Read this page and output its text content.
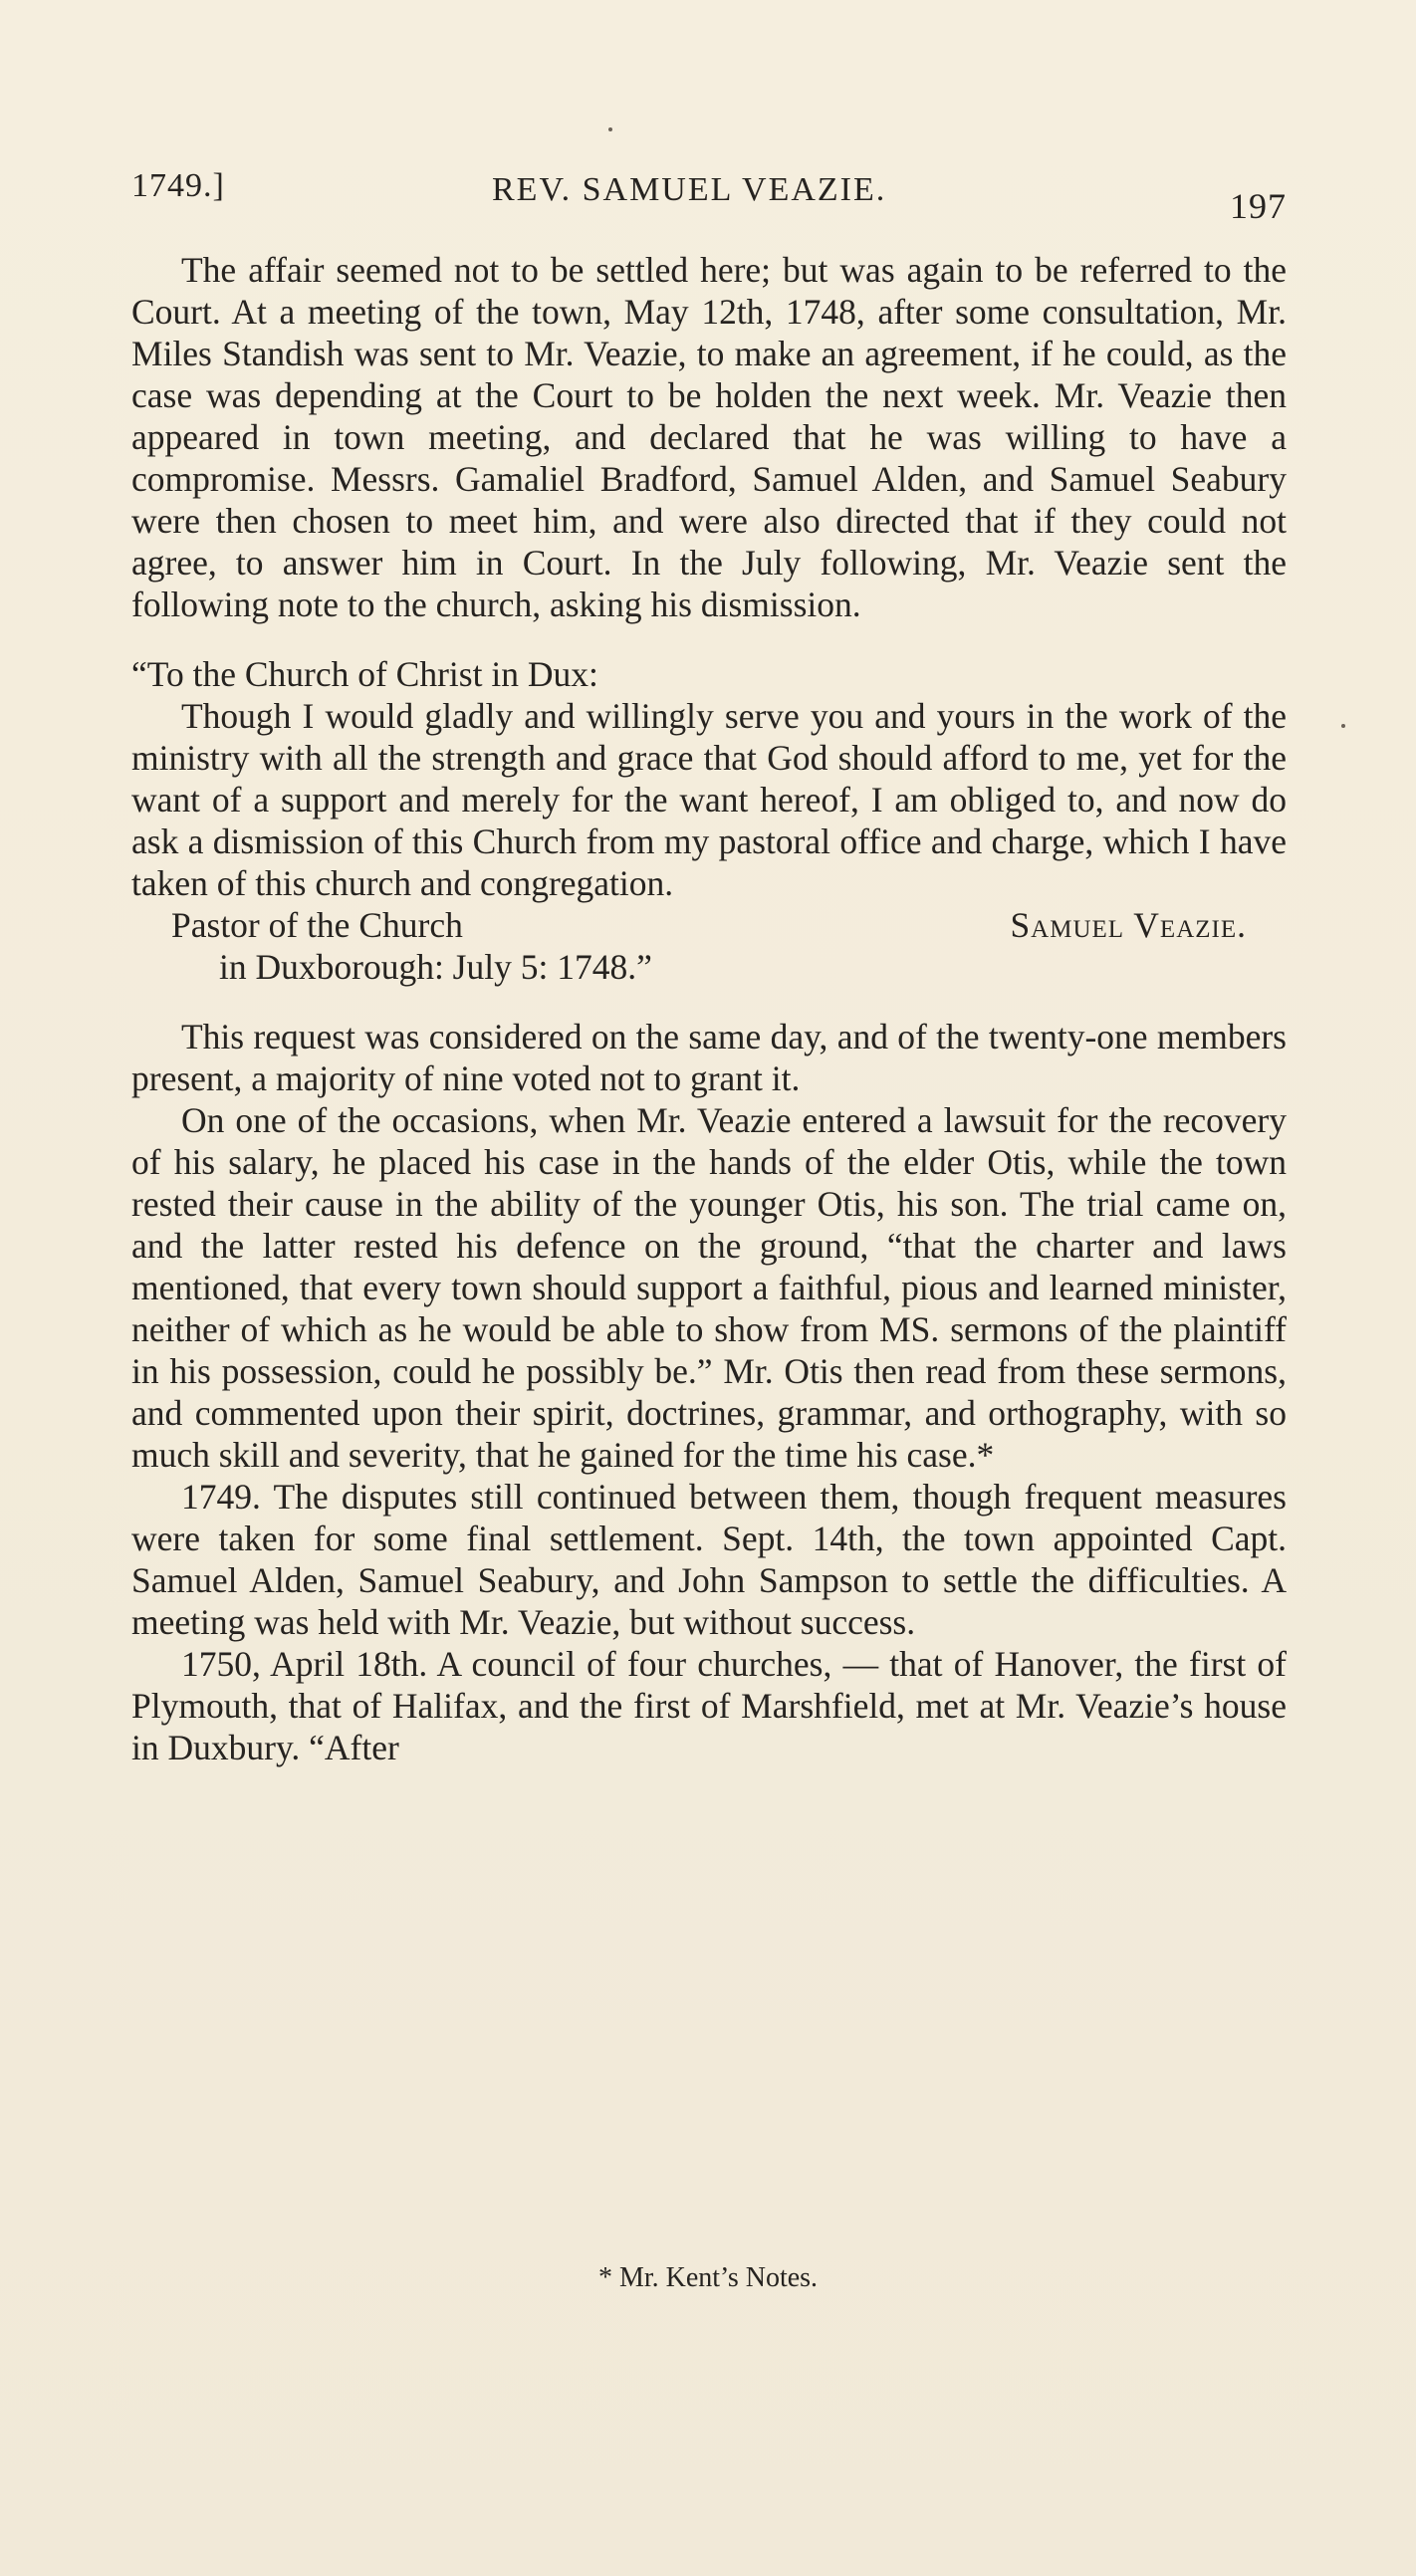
1749.]	REV. SAMUEL VEAZIE.	197

The affair seemed not to be settled here; but was again to be referred to the Court. At a meeting of the town, May 12th, 1748, after some consultation, Mr. Miles Standish was sent to Mr. Veazie, to make an agreement, if he could, as the case was depending at the Court to be holden the next week. Mr. Veazie then appeared in town meeting, and declared that he was willing to have a compromise. Messrs. Gamaliel Bradford, Samuel Alden, and Samuel Seabury were then chosen to meet him, and were also directed that if they could not agree, to answer him in Court. In the July following, Mr. Veazie sent the following note to the church, asking his dismission.

“To the Church of Christ in Dux:

Though I would gladly and willingly serve you and yours in the work of the ministry with all the strength and grace that God should afford to me, yet for the want of a support and merely for the want hereof, I am obliged to, and now do ask a dismission of this Church from my pastoral office and charge, which I have taken of this church and congregation.

Pastor of the Church	Samuel Veazie.

in Duxborough: July 5: 1748.”

This request was considered on the same day, and of the twenty-one members present, a majority of nine voted not to grant it.

On one of the occasions, when Mr. Veazie entered a lawsuit for the recovery of his salary, he placed his case in the hands of the elder Otis, while the town rested their cause in the ability of the younger Otis, his son. The trial came on, and the latter rested his defence on the ground, “that the charter and laws mentioned, that every town should support a faithful, pious and learned minister, neither of which as he would be able to show from MS. sermons of the plaintiff in his possession, could he possibly be.” Mr. Otis then read from these sermons, and commented upon their spirit, doctrines, grammar, and orthography, with so much skill and severity, that he gained for the time his case.*

1749. The disputes still continued between them, though frequent measures were taken for some final settlement. Sept. 14th, the town appointed Capt. Samuel Alden, Samuel Seabury, and John Sampson to settle the difficulties. A meeting was held with Mr. Veazie, but without success.

1750, April 18th. A council of four churches, — that of Hanover, the first of Plymouth, that of Halifax, and the first of Marshfield, met at Mr. Veazie’s house in Duxbury. “After

* Mr. Kent’s Notes.
